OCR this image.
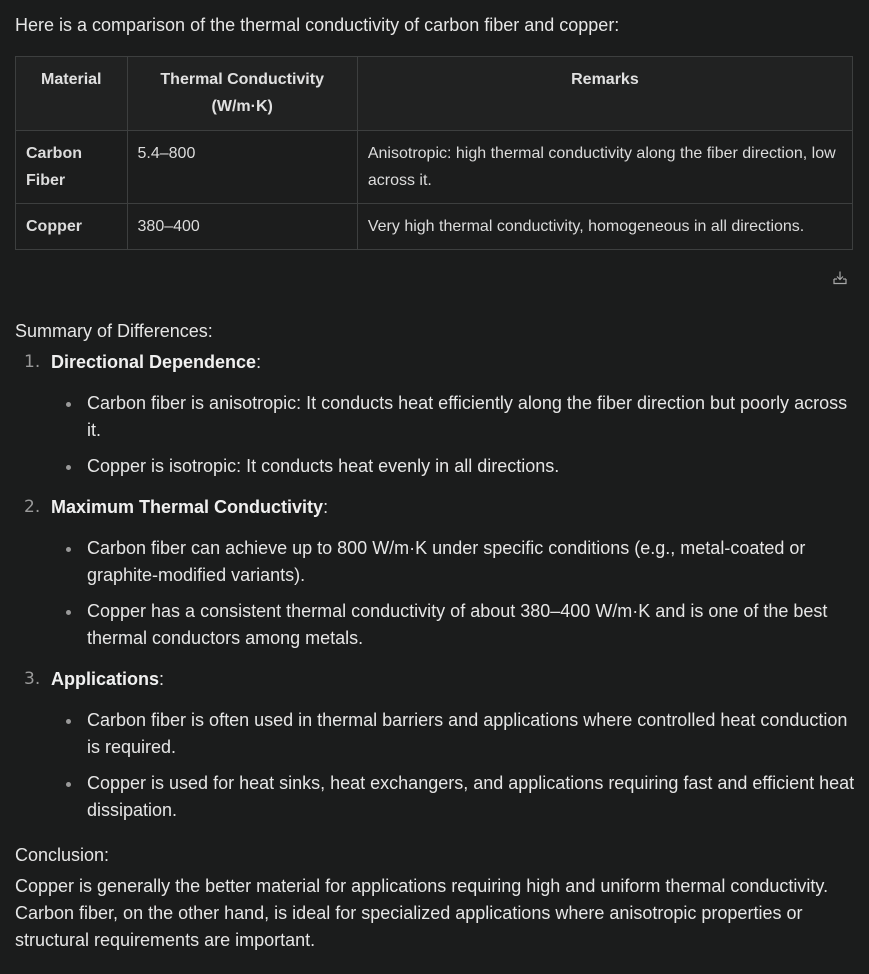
Here is a comparison of the thermal conductivity of carbon fiber and copper:

Material	Thermal Conductivity (W/m·K)	Remarks
Carbon Fiber	5.4–800	Anisotropic: high thermal conductivity along the fiber direction, low across it.
Copper	380–400	Very high thermal conductivity, homogeneous in all directions.

Summary of Differences:

1. Directional Dependence:
Carbon fiber is anisotropic: It conducts heat efficiently along the fiber direction but poorly across it.
Copper is isotropic: It conducts heat evenly in all directions.
2. Maximum Thermal Conductivity:
Carbon fiber can achieve up to 800 W/m·K under specific conditions (e.g., metal-coated or graphite-modified variants).
Copper has a consistent thermal conductivity of about 380–400 W/m·K and is one of the best thermal conductors among metals.
3. Applications:
Carbon fiber is often used in thermal barriers and applications where controlled heat conduction is required.
Copper is used for heat sinks, heat exchangers, and applications requiring fast and efficient heat dissipation.

Conclusion:

Copper is generally the better material for applications requiring high and uniform thermal conductivity. Carbon fiber, on the other hand, is ideal for specialized applications where anisotropic properties or structural requirements are important.
